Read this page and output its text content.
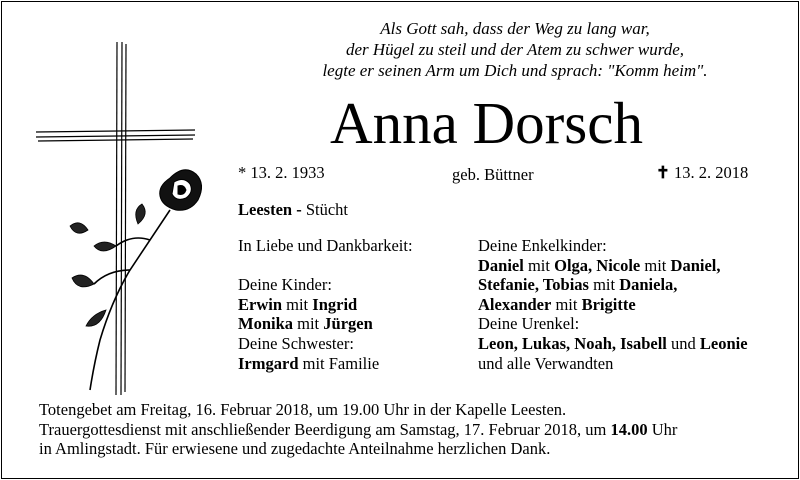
Als Gott sah, dass der Weg zu lang war,
der Hügel zu steil und der Atem zu schwer wurde,
legte er seinen Arm um Dich und sprach: "Komm heim".
Anna Dorsch
* 13. 2. 1933	geb. Büttner	✝ 13. 2. 2018
Leesten - Stücht
In Liebe und Dankbarkeit:
Deine Kinder:
Erwin mit Ingrid
Monika mit Jürgen
Deine Schwester:
Irmgard mit Familie
Deine Enkelkinder:
Daniel mit Olga, Nicole mit Daniel,
Stefanie, Tobias mit Daniela,
Alexander mit Brigitte
Deine Urenkel:
Leon, Lukas, Noah, Isabell und Leonie
und alle Verwandten
Totengebet am Freitag, 16. Februar 2018, um 19.00 Uhr in der Kapelle Leesten.
Trauergottesdienst mit anschließender Beerdigung am Samstag, 17. Februar 2018, um 14.00 Uhr
in Amlingstadt. Für erwiesene und zugedachte Anteilnahme herzlichen Dank.
